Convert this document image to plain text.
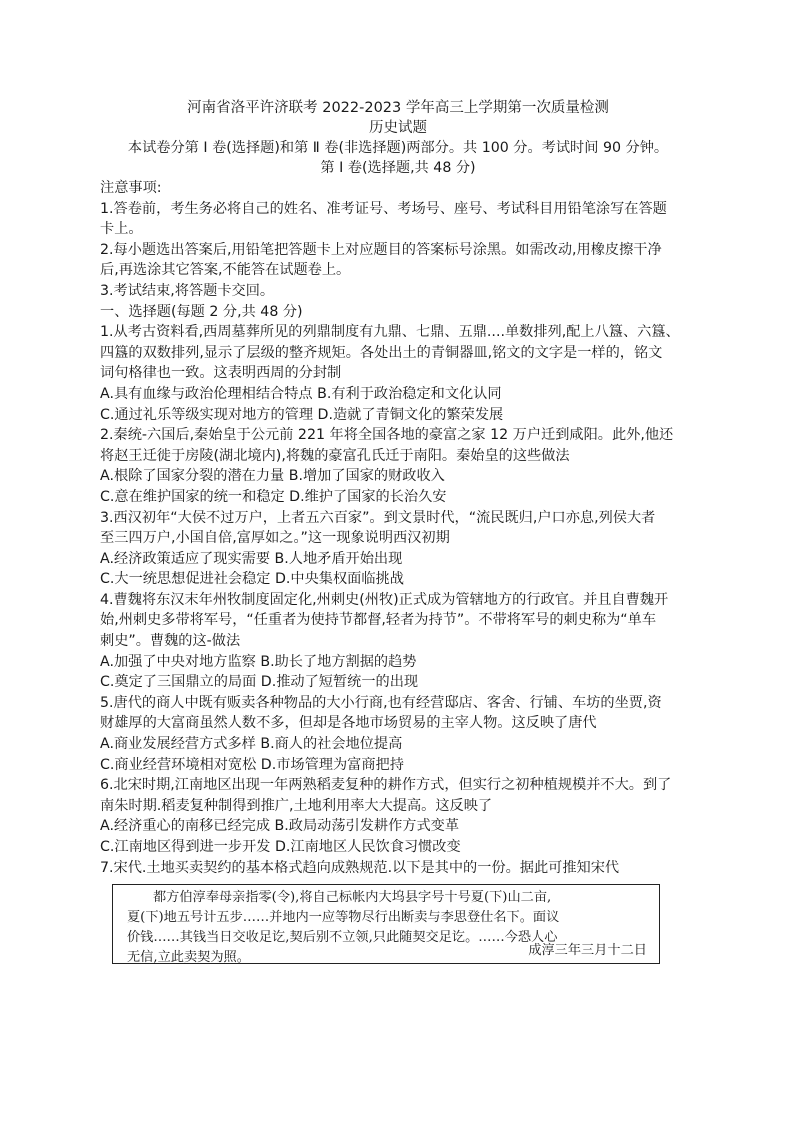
河南省洛平许济联考 2022-2023 学年高三上学期第一次质量检测
历史试题
本试卷分第 I 卷(选择题)和第 Ⅱ 卷(非选择题)两部分。共 100 分。考试时间 90 分钟。
第 I 卷(选择题,共 48 分)
注意事项:
1.答卷前，考生务必将自己的姓名、准考证号、考场号、座号、考试科目用铅笔涂写在答题
卡上。
2.每小题选出答案后,用铅笔把答题卡上对应题目的答案标号涂黑。如需改动,用橡皮擦干净
后,再选涂其它答案,不能答在试题卷上。
3.考试结束,将答题卡交回。
一、选择题(每题 2 分,共 48 分)
1.从考古资料看,西周墓葬所见的列鼎制度有九鼎、七鼎、五鼎....单数排列,配上八簋、六簋、
四簋的双数排列,显示了层级的整齐规矩。各处出土的青铜器皿,铭文的文字是一样的，铭文
词句格律也一致。这表明西周的分封制
A.具有血缘与政治伦理相结合特点 B.有利于政治稳定和文化认同
C.通过礼乐等级实现对地方的管理 D.造就了青铜文化的繁荣发展
2.秦统-六国后,秦始皇于公元前 221 年将全国各地的豪富之家 12 万户迁到咸阳。此外,他还
将赵王迁徙于房陵(湖北境内),将魏的豪富孔氏迁于南阳。秦始皇的这些做法
A.根除了国家分裂的潜在力量 B.增加了国家的财政收入
C.意在维护国家的统一和稳定 D.维护了国家的长治久安
3.西汉初年“大侯不过万户，上者五六百家”。到文景时代，“流民既归,户口亦息,列侯大者
至三四万户,小国自倍,富厚如之。”这一现象说明西汉初期
A.经济政策适应了现实需要 B.人地矛盾开始出现
C.大一统思想促进社会稳定 D.中央集权面临挑战
4.曹魏将东汉末年州牧制度固定化,州刺史(州牧)正式成为管辖地方的行政官。并且自曹魏开
始,州刺史多带将军号，“任重者为使持节都督,轻者为持节”。不带将军号的刺史称为“单车
刺史”。曹魏的这-做法
A.加强了中央对地方监察 B.助长了地方割据的趋势
C.奠定了三国鼎立的局面 D.推动了短暂统一的出现
5.唐代的商人中既有贩卖各种物品的大小行商,也有经营邸店、客舍、行铺、车坊的坐贾,资
财雄厚的大富商虽然人数不多，但却是各地市场贸易的主宰人物。这反映了唐代
A.商业发展经营方式多样 B.商人的社会地位提高
C.商业经营环境相对宽松 D.市场管理为富商把持
6.北宋时期,江南地区出现一年两熟稻麦复种的耕作方式，但实行之初种植规模并不大。到了
南朱时期.稻麦复种制得到推广,土地利用率大大提高。这反映了
A.经济重心的南移已经完成 B.政局动荡引发耕作方式变革
C.江南地区得到进一步开发 D.江南地区人民饮食习惯改变
7.宋代.土地买卖契约的基本格式趋向成熟规范.以下是其中的一份。据此可推知宋代
都方伯淳奉母亲指零(令),将自己标帐内大坞县字号十号夏(下)山二亩,
夏(下)地五号计五步……并地内一应等物尽行出断卖与李思登仕名下。面议
价钱……其钱当日交收足讫,契后别不立领,只此随契交足讫。……今恐人心
无信,立此卖契为照。	成淳三年三月十二日
